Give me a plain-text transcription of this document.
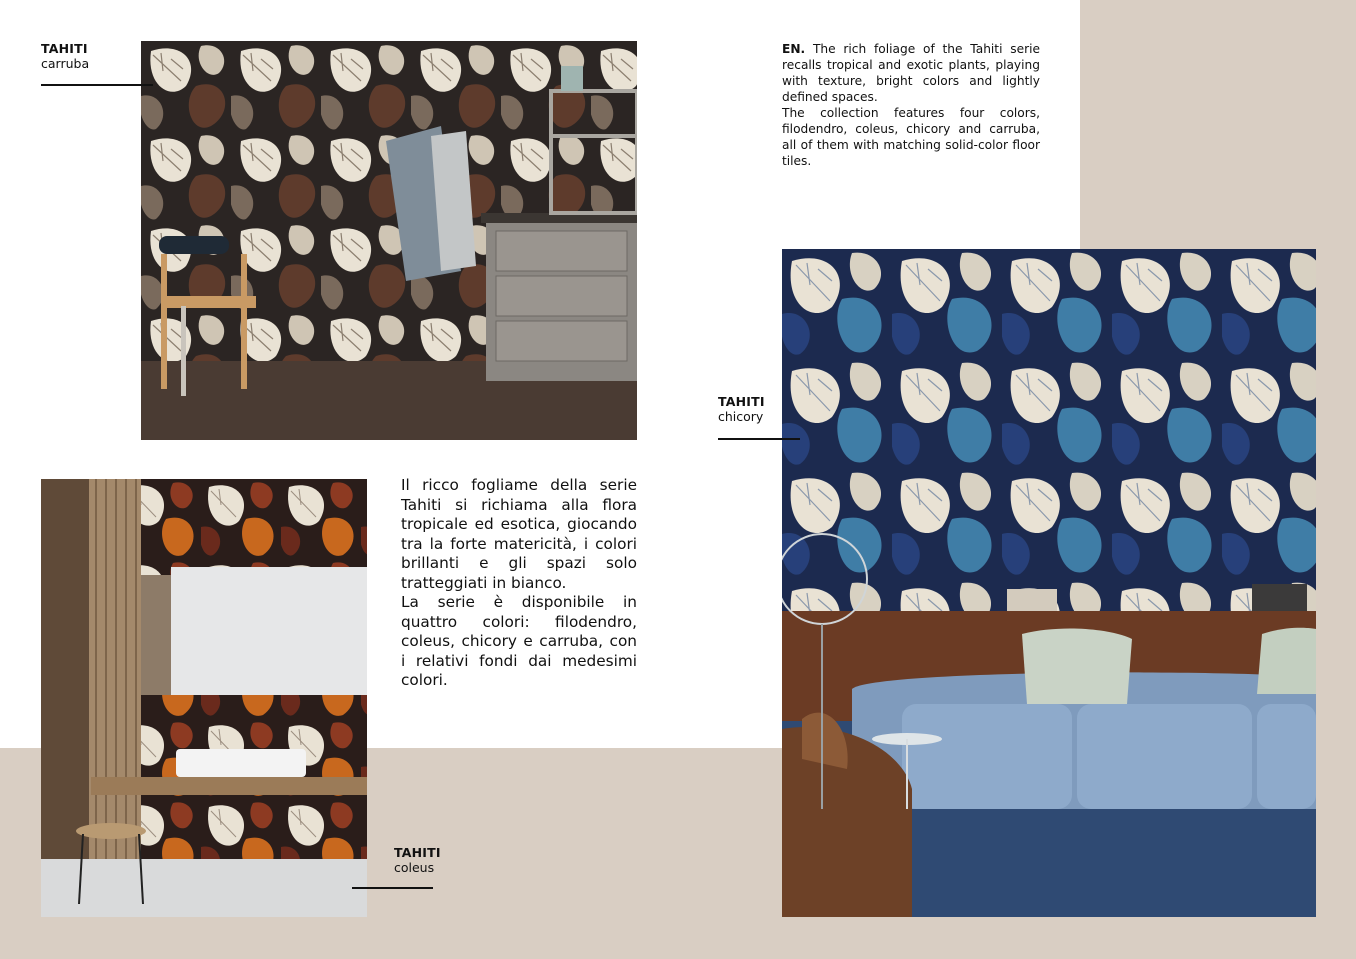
TAHITI
carruba
EN. The rich foliage of the Tahiti serie recalls tropical and exotic plants, playing with texture, bright colors and lightly defined spaces.
The collection features four colors, filodendro, coleus, chicory and carruba, all of them with matching solid-color floor tiles.
TAHITI
chicory
Il ricco fogliame della serie Tahiti si richiama alla flora tropicale ed esotica, giocando tra la forte matericità, i colori brillanti e gli spazi solo tratteggiati in bianco.
La serie è disponibile in quattro colori: filodendro, coleus, chicory e carruba, con i relativi fondi dai medesimi colori.
TAHITI
coleus
